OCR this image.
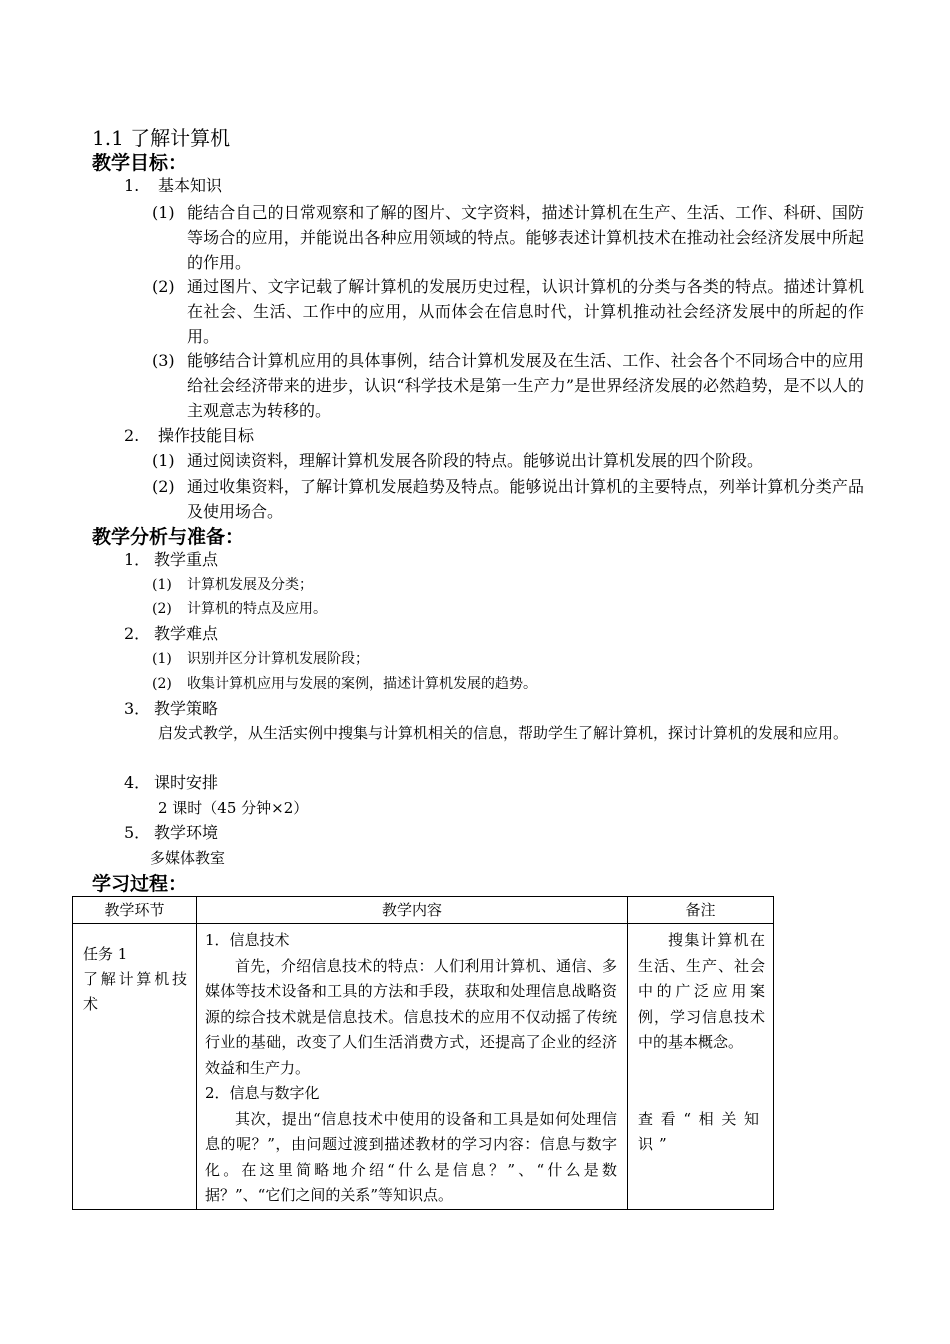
1.1 了解计算机
教学目标：
1. 基本知识
(1) 能结合自己的日常观察和了解的图片、文字资料，描述计算机在生产、生活、工作、科研、国防等场合的应用，并能说出各种应用领域的特点。能够表述计算机技术在推动社会经济发展中所起的作用。
(2) 通过图片、文字记载了解计算机的发展历史过程，认识计算机的分类与各类的特点。描述计算机在社会、生活、工作中的应用，从而体会在信息时代，计算机推动社会经济发展中的所起的作用。
(3) 能够结合计算机应用的具体事例，结合计算机发展及在生活、工作、社会各个不同场合中的应用给社会经济带来的进步，认识“科学技术是第一生产力”是世界经济发展的必然趋势，是不以人的主观意志为转移的。
2. 操作技能目标
(1) 通过阅读资料，理解计算机发展各阶段的特点。能够说出计算机发展的四个阶段。
(2) 通过收集资料，了解计算机发展趋势及特点。能够说出计算机的主要特点，列举计算机分类产品及使用场合。
教学分析与准备：
1． 教学重点
(1)	计算机发展及分类；
(2)	计算机的特点及应用。
2． 教学难点
(1)	识别并区分计算机发展阶段；
(2)	收集计算机应用与发展的案例，描述计算机发展的趋势。
3． 教学策略
启发式教学，从生活实例中搜集与计算机相关的信息，帮助学生了解计算机，探讨计算机的发展和应用。
4． 课时安排
2 课时（45 分钟×2）
5． 教学环境
多媒体教室
学习过程：
教学环节	教学内容	备注

任务 1
了解计算机技术	1．信息技术
首先，介绍信息技术的特点：人们利用计算机、通信、多媒体等技术设备和工具的方法和手段，获取和处理信息战略资源的综合技术就是信息技术。信息技术的应用不仅动摇了传统行业的基础，改变了人们生活消费方式，还提高了企业的经济效益和生产力。
2．信息与数字化
其次，提出“信息技术中使用的设备和工具是如何处理信息的呢？”，由问题过渡到描述教材的学习内容：信息与数字化。在这里简略地介绍“什么是信息？”、“什么是数据？”、“它们之间的关系”等知识点。	搜集计算机在生活、生产、社会中的广泛应用案例，学习信息技术中的基本概念。
查看“相关知识”
